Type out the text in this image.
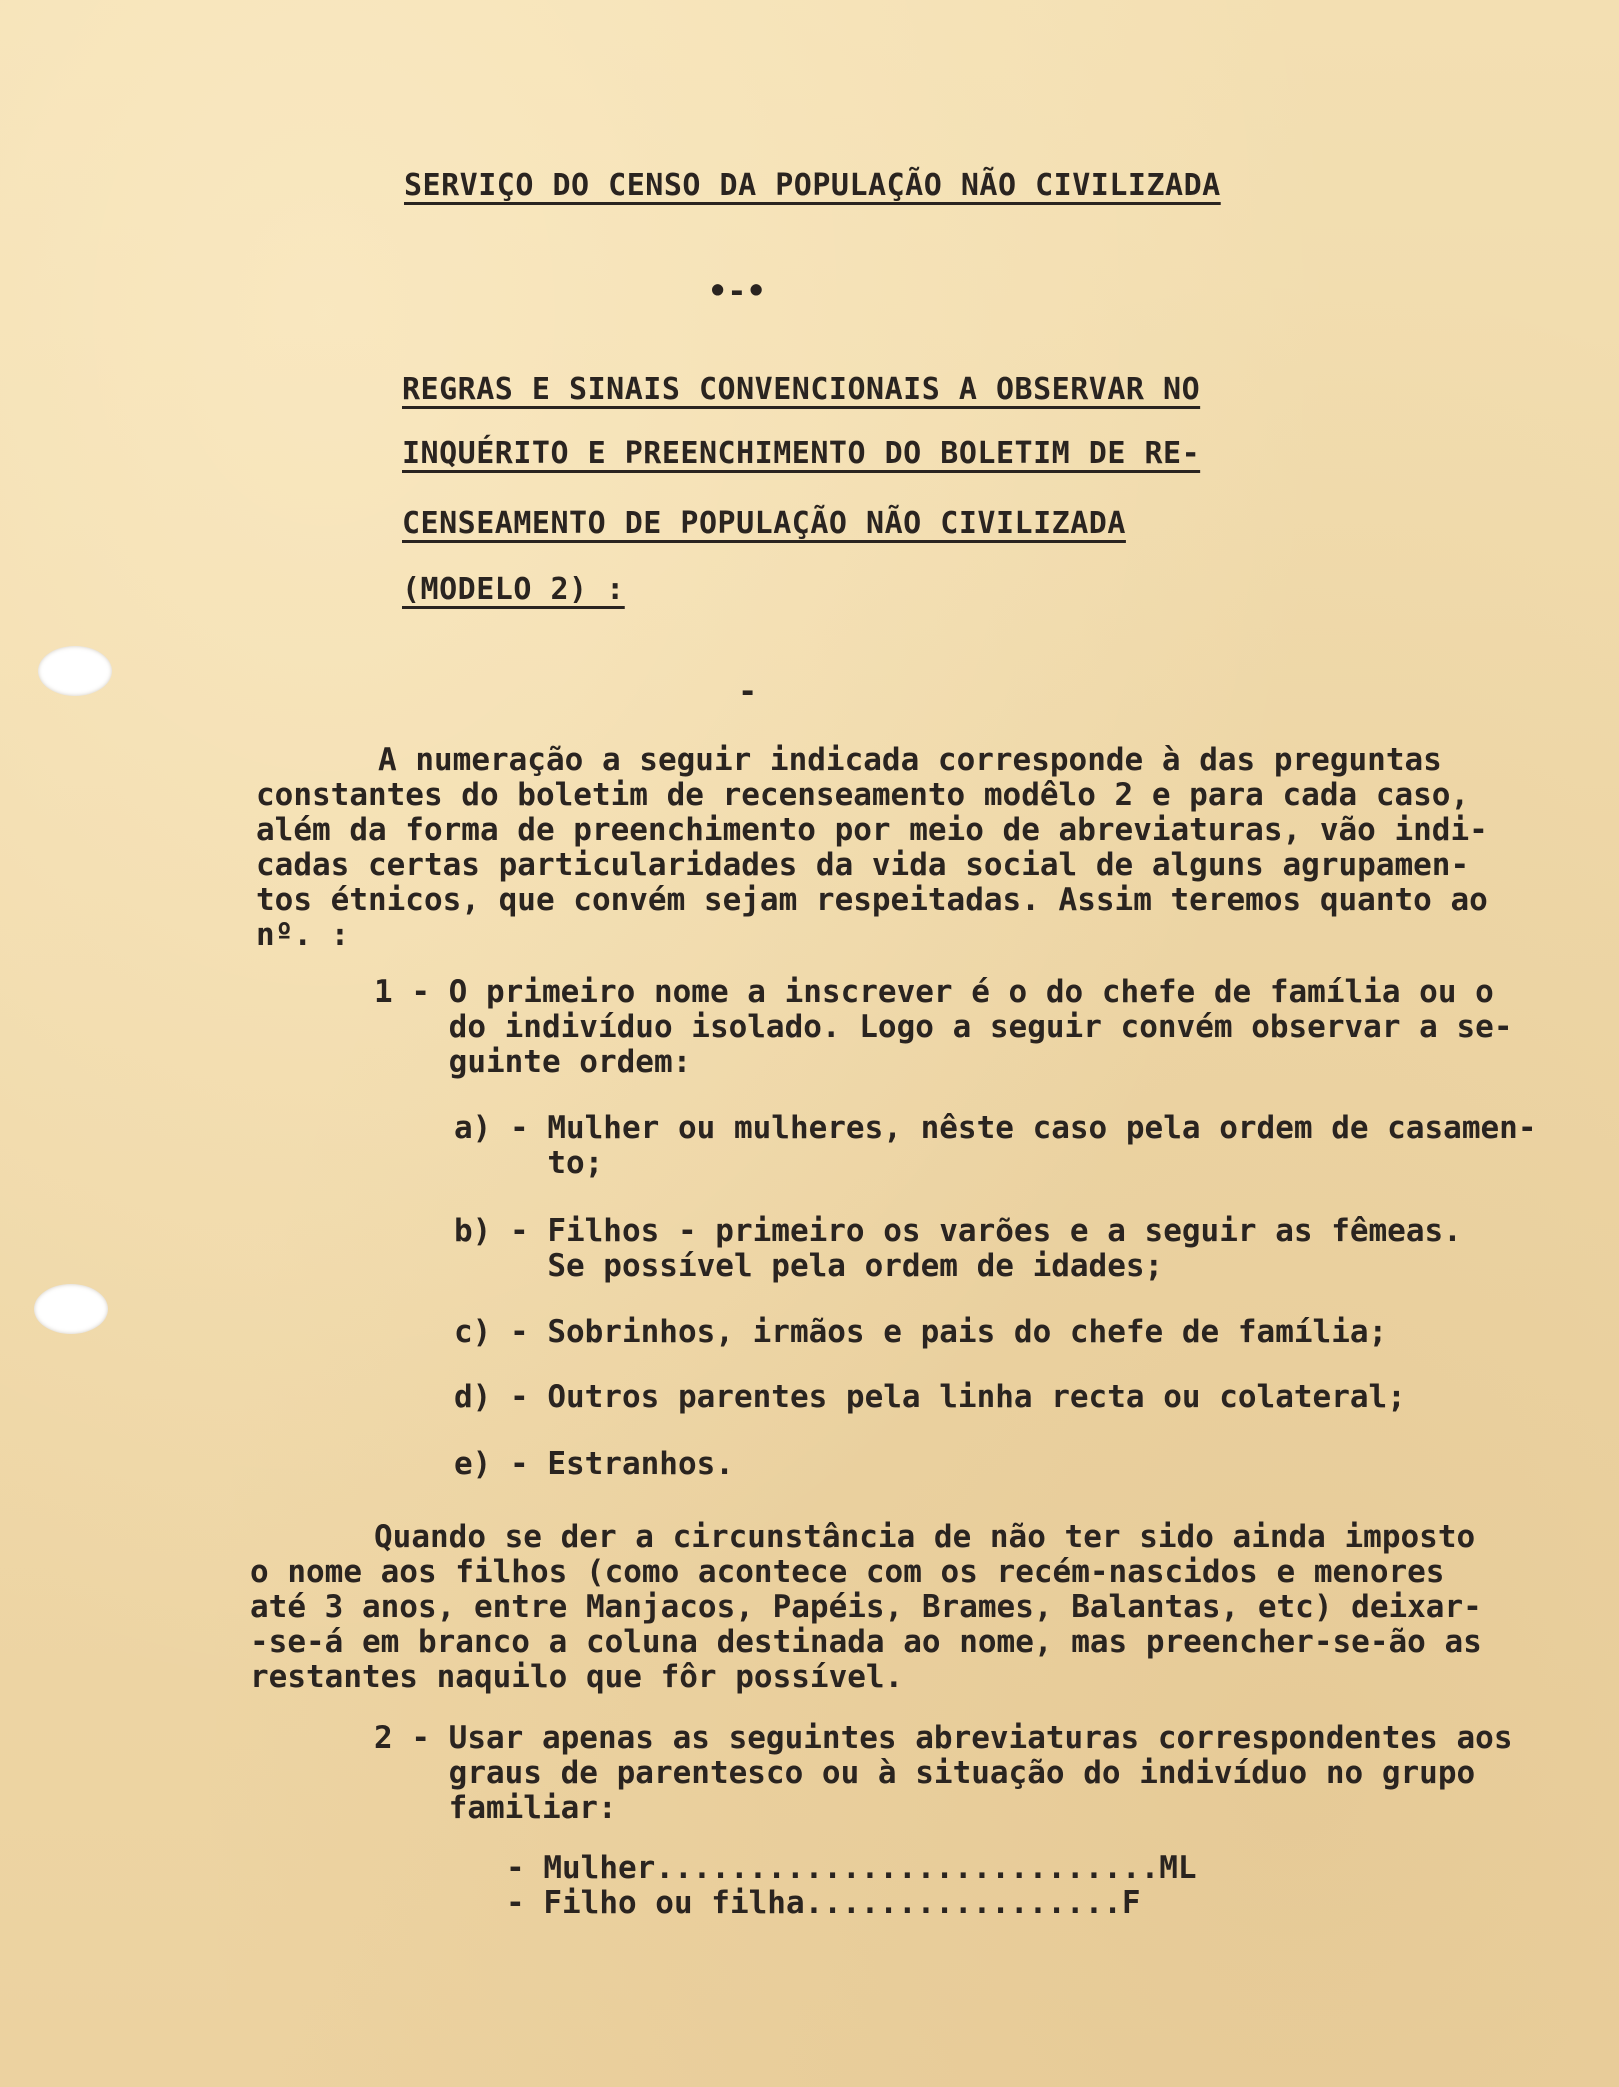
SERVIÇO DO CENSO DA POPULAÇÃO NÃO CIVILIZADA
•-•
REGRAS E SINAIS CONVENCIONAIS A OBSERVAR NO
INQUÉRITO E PREENCHIMENTO DO BOLETIM DE RE-
CENSEAMENTO DE POPULAÇÃO NÃO CIVILIZADA
(MODELO 2) :
-
A numeração a seguir indicada corresponde à das preguntas
constantes do boletim de recenseamento modêlo 2 e para cada caso,
além da forma de preenchimento por meio de abreviaturas, vão indi-
cadas certas particularidades da vida social de alguns agrupamen-
tos étnicos, que convém sejam respeitadas. Assim teremos quanto ao
nº. :
1 - O primeiro nome a inscrever é o do chefe de família ou o
do indivíduo isolado. Logo a seguir convém observar a se-
guinte ordem:
a) - Mulher ou mulheres, nêste caso pela ordem de casamen-
to;
b) - Filhos - primeiro os varões e a seguir as fêmeas.
Se possível pela ordem de idades;
c) - Sobrinhos, irmãos e pais do chefe de família;
d) - Outros parentes pela linha recta ou colateral;
e) - Estranhos.
Quando se der a circunstância de não ter sido ainda imposto
o nome aos filhos (como acontece com os recém-nascidos e menores
até 3 anos, entre Manjacos, Papéis, Brames, Balantas, etc) deixar-
-se-á em branco a coluna destinada ao nome, mas preencher-se-ão as
restantes naquilo que fôr possível.
2 - Usar apenas as seguintes abreviaturas correspondentes aos
graus de parentesco ou à situação do indivíduo no grupo
familiar:
- Mulher...........................ML
- Filho ou filha.................F
